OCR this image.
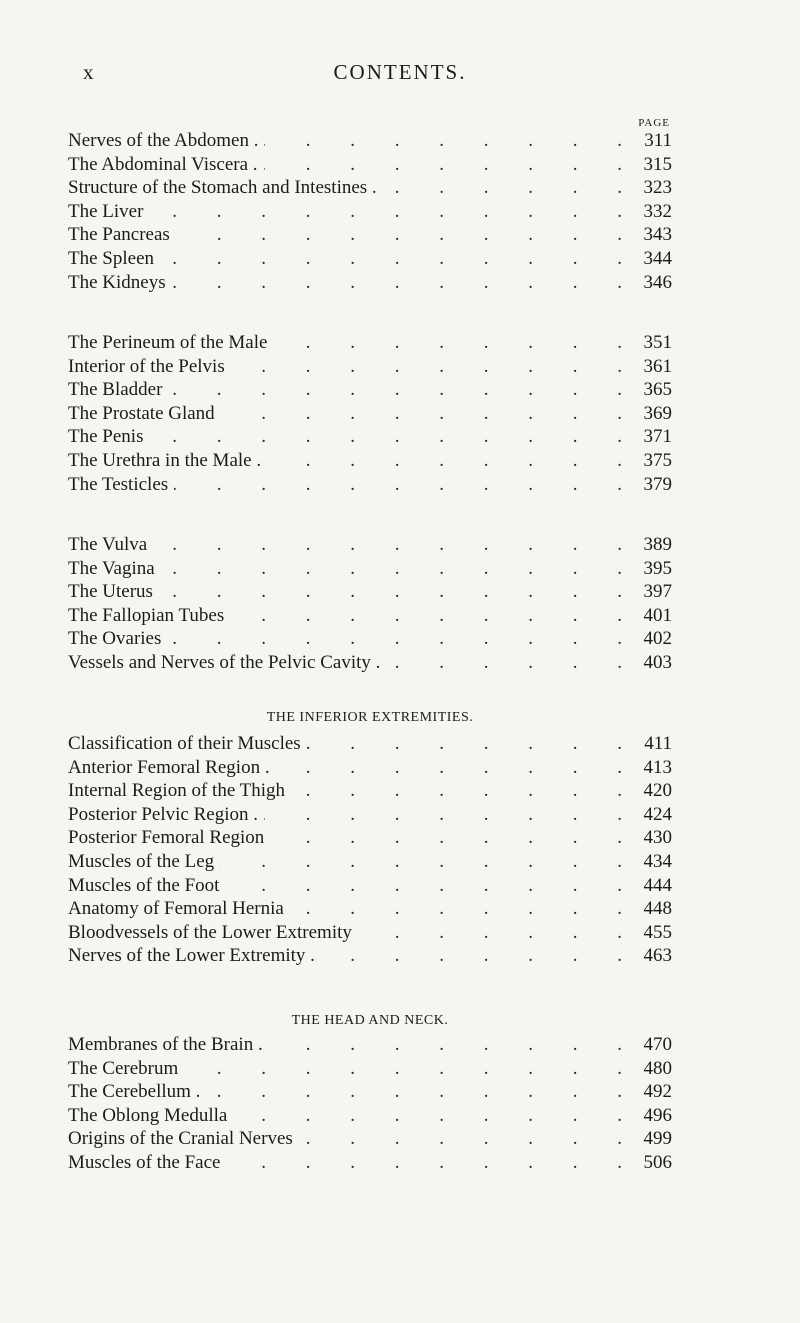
x	CONTENTS.
PAGE
Nerves of the Abdomen . . . .	311
The Abdominal Viscera . . . .	315
Structure of the Stomach and Intestines . . . .	323
The Liver . . .	332
The Pancreas . . .	343
The Spleen . . .	344
The Kidneys . . .	346
The Perineum of the Male . . .	351
Interior of the Pelvis . . .	361
The Bladder . . .	365
The Prostate Gland . . .	369
The Penis . . .	371
The Urethra in the Male . . . .	375
The Testicles . . .	379
The Vulva . . .	389
The Vagina . . .	395
The Uterus . . .	397
The Fallopian Tubes . . .	401
The Ovaries . . .	402
Vessels and Nerves of the Pelvic Cavity . . . .	403
THE INFERIOR EXTREMITIES.
Classification of their Muscles . . .	411
Anterior Femoral Region . . . .	413
Internal Region of the Thigh . . .	420
Posterior Pelvic Region . . . .	424
Posterior Femoral Region . . .	430
Muscles of the Leg . . .	434
Muscles of the Foot . . .	444
Anatomy of Femoral Hernia . . .	448
Bloodvessels of the Lower Extremity . . .	455
Nerves of the Lower Extremity . . . .	463
THE HEAD AND NECK.
Membranes of the Brain . . . .	470
The Cerebrum . . .	480
The Cerebellum . . . .	492
The Oblong Medulla . . .	496
Origins of the Cranial Nerves . . .	499
Muscles of the Face . . .	506
